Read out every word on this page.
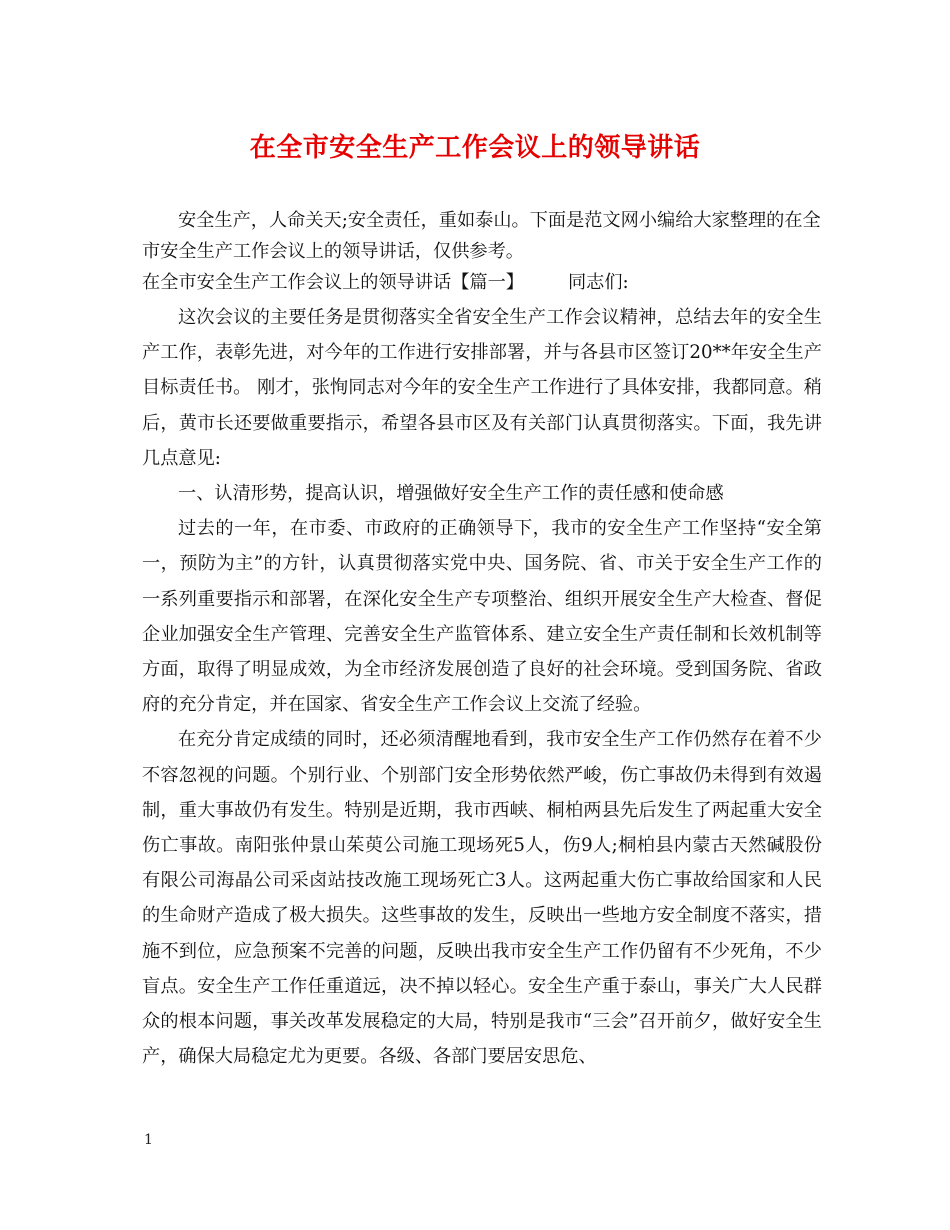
在全市安全生产工作会议上的领导讲话

安全生产，人命关天;安全责任，重如泰山。下面是范文网小编给大家整理的在全市安全生产工作会议上的领导讲话，仅供参考。

在全市安全生产工作会议上的领导讲话【篇一】 同志们:

这次会议的主要任务是贯彻落实全省安全生产工作会议精神，总结去年的安全生产工作，表彰先进，对今年的工作进行安排部署，并与各县市区签订20**年安全生产目标责任书。 刚才，张恂同志对今年的安全生产工作进行了具体安排，我都同意。稍后，黄市长还要做重要指示，希望各县市区及有关部门认真贯彻落实。下面，我先讲几点意见:

一、认清形势，提高认识，增强做好安全生产工作的责任感和使命感

过去的一年，在市委、市政府的正确领导下，我市的安全生产工作坚持“安全第一，预防为主”的方针，认真贯彻落实党中央、国务院、省、市关于安全生产工作的一系列重要指示和部署，在深化安全生产专项整治、组织开展安全生产大检查、督促企业加强安全生产管理、完善安全生产监管体系、建立安全生产责任制和长效机制等方面，取得了明显成效，为全市经济发展创造了良好的社会环境。受到国务院、省政府的充分肯定，并在国家、省安全生产工作会议上交流了经验。

在充分肯定成绩的同时，还必须清醒地看到，我市安全生产工作仍然存在着不少不容忽视的问题。个别行业、个别部门安全形势依然严峻，伤亡事故仍未得到有效遏制，重大事故仍有发生。特别是近期，我市西峡、桐柏两县先后发生了两起重大安全伤亡事故。南阳张仲景山茱萸公司施工现场死5人，伤9人;桐柏县内蒙古天然碱股份有限公司海晶公司采卤站技改施工现场死亡3人。这两起重大伤亡事故给国家和人民的生命财产造成了极大损失。这些事故的发生，反映出一些地方安全制度不落实，措施不到位，应急预案不完善的问题，反映出我市安全生产工作仍留有不少死角，不少盲点。安全生产工作任重道远，决不掉以轻心。安全生产重于泰山，事关广大人民群众的根本问题，事关改革发展稳定的大局，特别是我市“三会”召开前夕，做好安全生产，确保大局稳定尤为更要。各级、各部门要居安思危、

1
